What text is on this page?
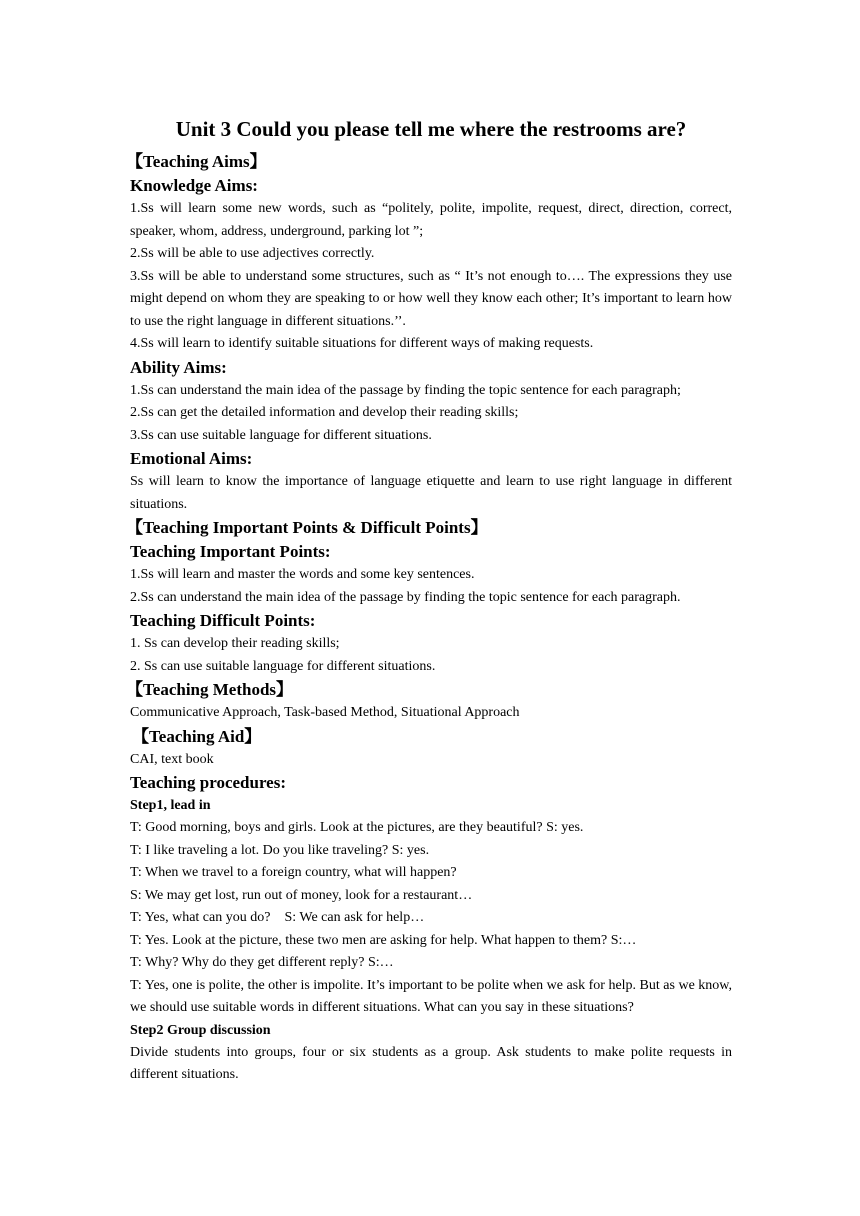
Unit 3 Could you please tell me where the restrooms are?
【Teaching Aims】
Knowledge Aims:

1.Ss will learn some new words, such as “politely, polite, impolite, request, direct, direction, correct, speaker, whom, address, underground, parking lot ”;

2.Ss will be able to use adjectives correctly.

3.Ss will be able to understand some structures, such as “ It’s not enough to…. The expressions they use might depend on whom they are speaking to or how well they know each other; It’s important to learn how to use the right language in different situations.’’.

4.Ss will learn to identify suitable situations for different ways of making requests.

Ability Aims:

1.Ss can understand the main idea of the passage by finding the topic sentence for each paragraph;

2.Ss can get the detailed information and develop their reading skills;

3.Ss can use suitable language for different situations.

Emotional Aims:

Ss will learn to know the importance of language etiquette and learn to use right language in different situations.

【Teaching Important Points & Difficult Points】
Teaching Important Points:

1.Ss will learn and master the words and some key sentences.

2.Ss can understand the main idea of the passage by finding the topic sentence for each paragraph.

Teaching Difficult Points:

1. Ss can develop their reading skills;

2. Ss can use suitable language for different situations.

【Teaching Methods】

Communicative Approach, Task-based Method, Situational Approach

【Teaching Aid】

CAI, text book

Teaching procedures:
Step1, lead in

T: Good morning, boys and girls. Look at the pictures, are they beautiful? S: yes.

T: I like traveling a lot. Do you like traveling? S: yes.

T: When we travel to a foreign country, what will happen?

S: We may get lost, run out of money, look for a restaurant…

T: Yes, what can you do?    S: We can ask for help…

T: Yes. Look at the picture, these two men are asking for help. What happen to them? S:…

T: Why? Why do they get different reply? S:…

T: Yes, one is polite, the other is impolite. It’s important to be polite when we ask for help. But as we know, we should use suitable words in different situations. What can you say in these situations?

Step2 Group discussion

Divide students into groups, four or six students as a group. Ask students to make polite requests in different situations.
